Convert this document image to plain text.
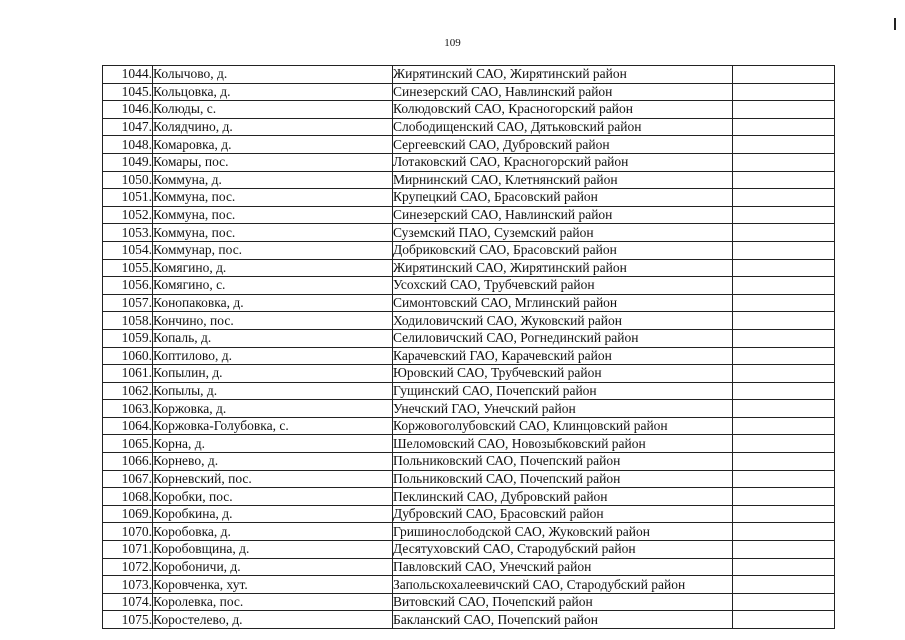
109
1044.	Колычово, д.	Жирятинский САО, Жирятинский район	
1045.	Кольцовка, д.	Синезерский САО, Навлинский район	
1046.	Колюды, с.	Колюдовский САО, Красногорский район	
1047.	Колядчино, д.	Слободищенский САО, Дятьковский район	
1048.	Комаровка, д.	Сергеевский САО, Дубровский район	
1049.	Комары, пос.	Лотаковский САО, Красногорский район	
1050.	Коммуна, д.	Мирнинский САО, Клетнянский район	
1051.	Коммуна, пос.	Крупецкий САО, Брасовский район	
1052.	Коммуна, пос.	Синезерский САО, Навлинский район	
1053.	Коммуна, пос.	Суземский ПАО, Суземский район	
1054.	Коммунар, пос.	Добриковский САО, Брасовский район	
1055.	Комягино, д.	Жирятинский САО, Жирятинский район	
1056.	Комягино, с.	Усохский САО, Трубчевский район	
1057.	Конопаковка, д.	Симонтовский САО, Мглинский район	
1058.	Кончино, пос.	Ходиловичский САО, Жуковский район	
1059.	Копаль, д.	Селиловичский САО, Рогнединский район	
1060.	Коптилово, д.	Карачевский ГАО, Карачевский район	
1061.	Копылин, д.	Юровский САО, Трубчевский район	
1062.	Копылы, д.	Гущинский САО, Почепский район	
1063.	Коржовка, д.	Унечский ГАО, Унечский район	
1064.	Коржовка-Голубовка, с.	Коржовоголубовский САО, Клинцовский район	
1065.	Корна, д.	Шеломовский САО, Новозыбковский район	
1066.	Корнево, д.	Польниковский САО, Почепский район	
1067.	Корневский, пос.	Польниковский САО, Почепский район	
1068.	Коробки, пос.	Пеклинский САО, Дубровский район	
1069.	Коробкина, д.	Дубровский САО, Брасовский район	
1070.	Коробовка, д.	Гришинослободской САО, Жуковский район	
1071.	Коробовщина, д.	Десятуховский САО, Стародубский район	
1072.	Коробоничи, д.	Павловский САО, Унечский район	
1073.	Коровченка, хут.	Запольскохалеевичский САО, Стародубский район	
1074.	Королевка, пос.	Витовский САО, Почепский район	
1075.	Коростелево, д.	Бакланский САО, Почепский район	
